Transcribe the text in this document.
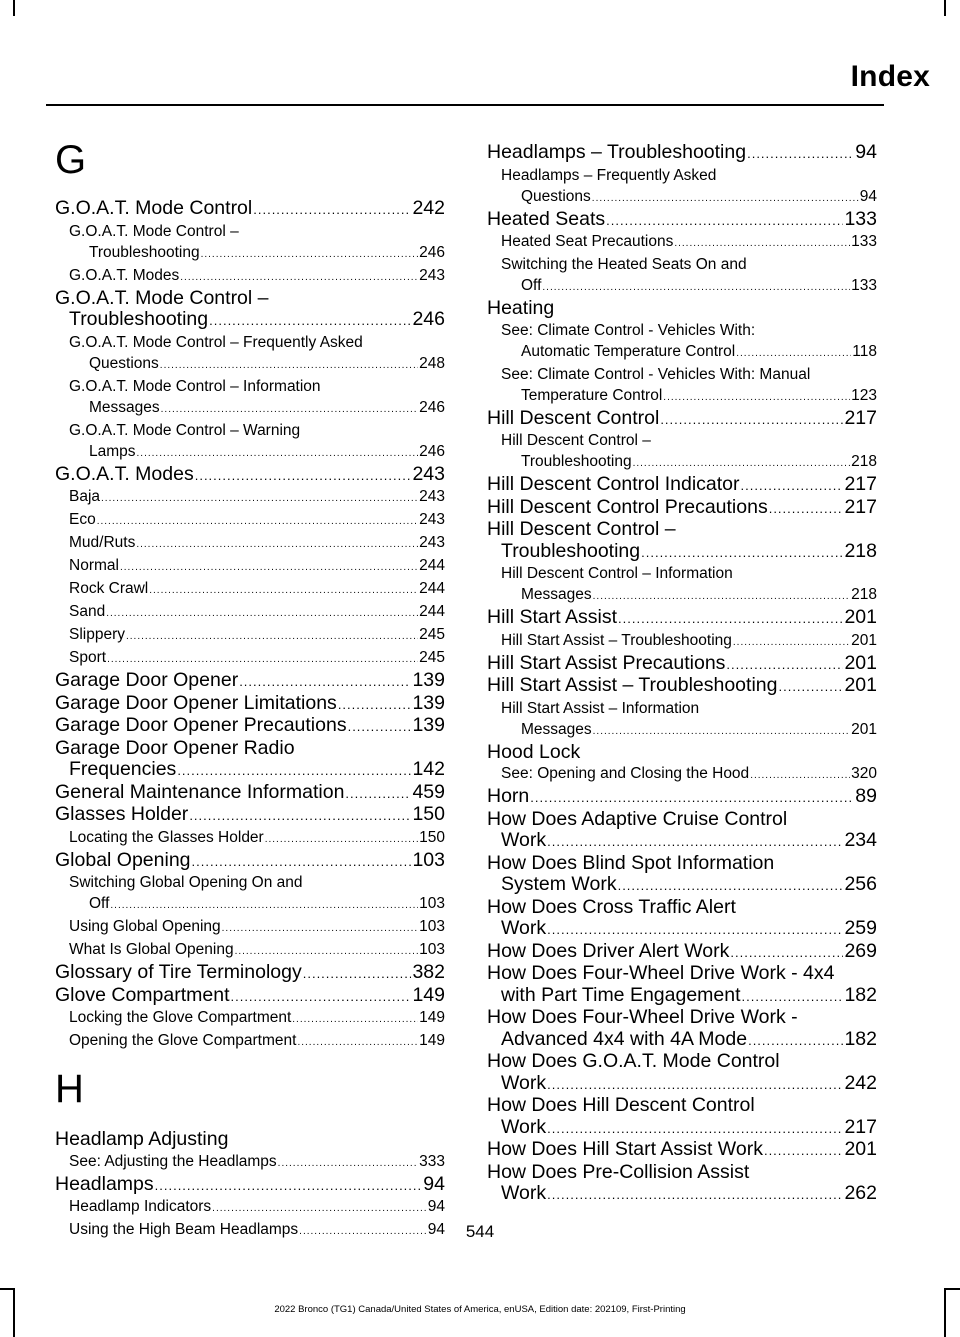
Index
G
G.O.A.T. Mode Control .....	242
G.O.A.T. Mode Control –
Troubleshooting .....	246
G.O.A.T. Modes .....	243
G.O.A.T. Mode Control –
Troubleshooting .....	246
G.O.A.T. Mode Control – Frequently Asked
Questions .....	248
G.O.A.T. Mode Control – Information
Messages .....	246
G.O.A.T. Mode Control – Warning
Lamps .....	246
G.O.A.T. Modes .....	243
Baja .....	243
Eco .....	243
Mud/Ruts .....	243
Normal .....	244
Rock Crawl .....	244
Sand .....	244
Slippery .....	245
Sport .....	245
Garage Door Opener .....	139
Garage Door Opener Limitations .....	139
Garage Door Opener Precautions .....	139
Garage Door Opener Radio
Frequencies .....	142
General Maintenance Information .....	459
Glasses Holder .....	150
Locating the Glasses Holder .....	150
Global Opening .....	103
Switching Global Opening On and
Off .....	103
Using Global Opening .....	103
What Is Global Opening .....	103
Glossary of Tire Terminology .....	382
Glove Compartment .....	149
Locking the Glove Compartment .....	149
Opening the Glove Compartment .....	149
H
Headlamp Adjusting
See: Adjusting the Headlamps .....	333
Headlamps .....	94
Headlamp Indicators .....	94
Using the High Beam Headlamps .....	94
Headlamps – Troubleshooting .....	94
Headlamps – Frequently Asked
Questions .....	94
Heated Seats .....	133
Heated Seat Precautions .....	133
Switching the Heated Seats On and
Off .....	133
Heating
See: Climate Control - Vehicles With:
Automatic Temperature Control .....	118
See: Climate Control - Vehicles With: Manual
Temperature Control .....	123
Hill Descent Control .....	217
Hill Descent Control –
Troubleshooting .....	218
Hill Descent Control Indicator .....	217
Hill Descent Control Precautions .....	217
Hill Descent Control –
Troubleshooting .....	218
Hill Descent Control – Information
Messages .....	218
Hill Start Assist .....	201
Hill Start Assist – Troubleshooting .....	201
Hill Start Assist Precautions .....	201
Hill Start Assist – Troubleshooting .....	201
Hill Start Assist – Information
Messages .....	201
Hood Lock
See: Opening and Closing the Hood .....	320
Horn .....	89
How Does Adaptive Cruise Control
Work .....	234
How Does Blind Spot Information
System Work .....	256
How Does Cross Traffic Alert
Work .....	259
How Does Driver Alert Work .....	269
How Does Four-Wheel Drive Work - 4x4
with Part Time Engagement .....	182
How Does Four-Wheel Drive Work -
Advanced 4x4 with 4A Mode .....	182
How Does G.O.A.T. Mode Control
Work .....	242
How Does Hill Descent Control
Work .....	217
How Does Hill Start Assist Work .....	201
How Does Pre-Collision Assist
Work .....	262
544
2022 Bronco (TG1) Canada/United States of America, enUSA, Edition date: 202109, First-Printing
